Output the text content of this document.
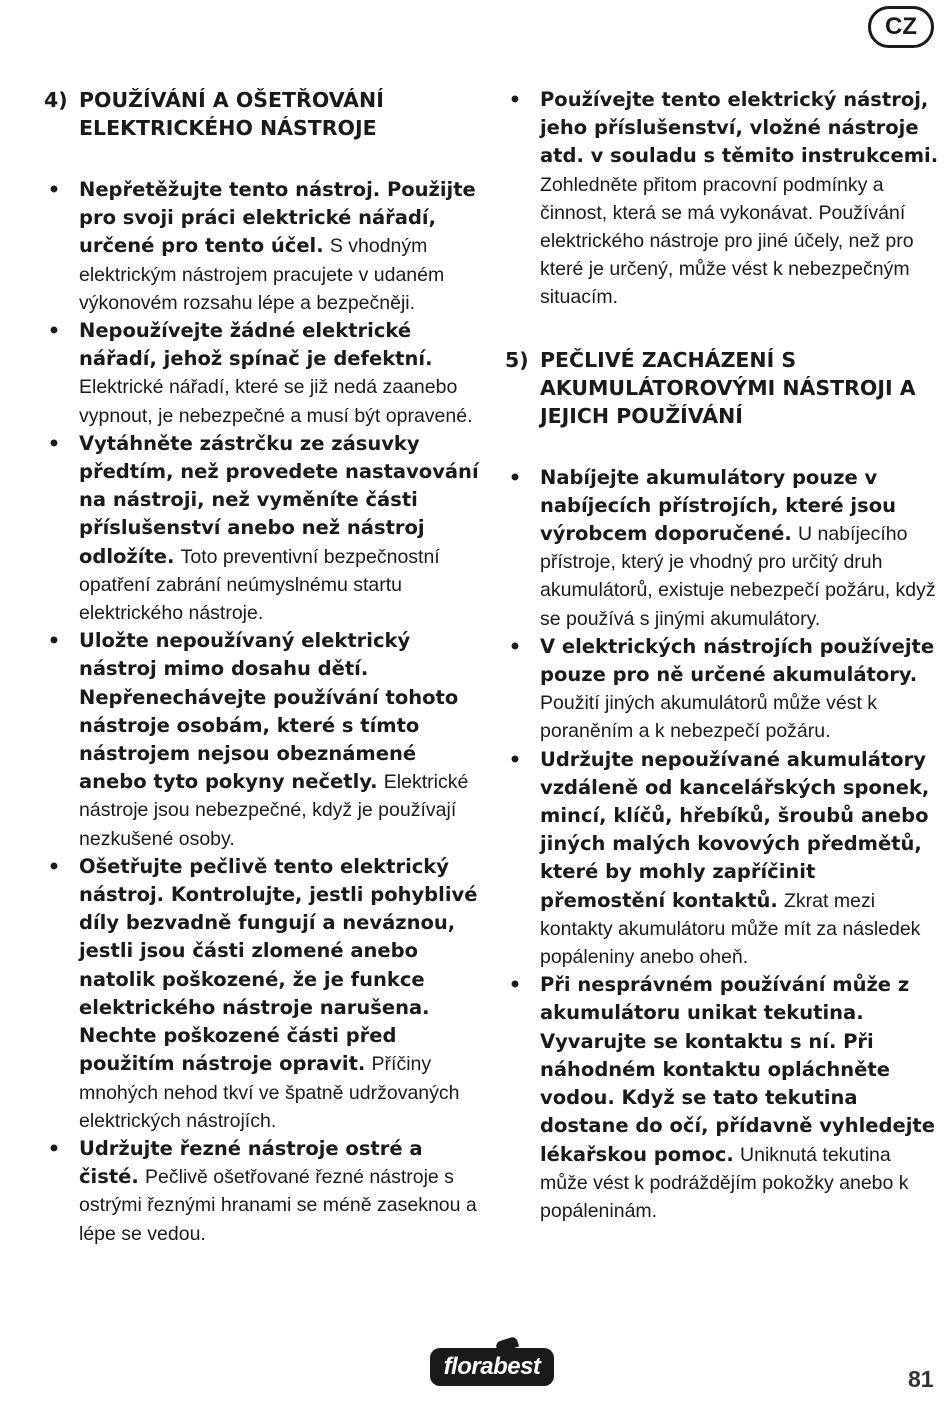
CZ
4) POUŽÍVÁNÍ A OŠETŘOVÁNÍ ELEKTRICKÉHO NÁSTROJE
• Nepřetěžujte tento nástroj. Použijte pro svoji práci elektrické nářadí, určené pro tento účel. S vhodným elektrickým nástrojem pracujete v udaném výkonovém rozsahu lépe a bezpečněji.
• Nepoužívejte žádné elektrické nářadí, jehož spínač je defektní. Elektrické nářadí, které se již nedá zaanebo vypnout, je nebezpečné a musí být opravené.
• Vytáhněte zástrčku ze zásuvky předtím, než provedete nastavování na nástroji, než vyměníte části příslušenství anebo než nástroj odložíte. Toto preventivní bezpečnostní opatření zabrání neúmyslnému startu elektrického nástroje.
• Uložte nepoužívaný elektrický nástroj mimo dosahu dětí. Nepřenechávejte používání tohoto nástroje osobám, které s tímto nástrojem nejsou obeznámené anebo tyto pokyny nečetly. Elektrické nástroje jsou nebezpečné, když je používají nezkušené osoby.
• Ošetřujte pečlivě tento elektrický nástroj. Kontrolujte, jestli pohyblivé díly bezvadně fungují a neváznou, jestli jsou části zlomené anebo natolik poškozené, že je funkce elektrického nástroje narušena. Nechte poškozené části před použitím nástroje opravit. Příčiny mnohých nehod tkví ve špatně udržovaných elektrických nástrojích.
• Udržujte řezné nástroje ostré a čisté. Pečlivě ošetřované řezné nástroje s ostrými řeznými hranami se méně zaseknou a lépe se vedou.
• Používejte tento elektrický nástroj, jeho příslušenství, vložné nástroje atd. v souladu s těmito instrukcemi. Zohledněte přitom pracovní podmínky a činnost, která se má vykonávat. Používání elektrického nástroje pro jiné účely, než pro které je určený, může vést k nebezpečným situacím.
5) PEČLIVÉ ZACHÁZENÍ S AKUMULÁTOROVÝMI NÁSTROJI A JEJICH POUŽÍVÁNÍ
• Nabíjejte akumulátory pouze v nabíjecích přístrojích, které jsou výrobcem doporučené. U nabíjecího přístroje, který je vhodný pro určitý druh akumulátorů, existuje nebezpečí požáru, když se používá s jinými akumulátory.
• V elektrických nástrojích používejte pouze pro ně určené akumulátory. Použití jiných akumulátorů může vést k poraněním a k nebezpečí požáru.
• Udržujte nepoužívané akumulátory vzdáleně od kancelářských sponek, mincí, klíčů, hřebíků, šroubů anebo jiných malých kovových předmětů, které by mohly zapříčinit přemostění kontaktů. Zkrat mezi kontakty akumulátoru může mít za následek popáleniny anebo oheň.
• Při nesprávném používání může z akumulátoru unikat tekutina. Vyvarujte se kontaktu s ní. Při náhodném kontaktu opláchněte vodou. Když se tato tekutina dostane do očí, přídavně vyhledejte lékařskou pomoc. Uniknutá tekutina může vést k podráždějím pokožky anebo k popáleninám.
florabest	81
